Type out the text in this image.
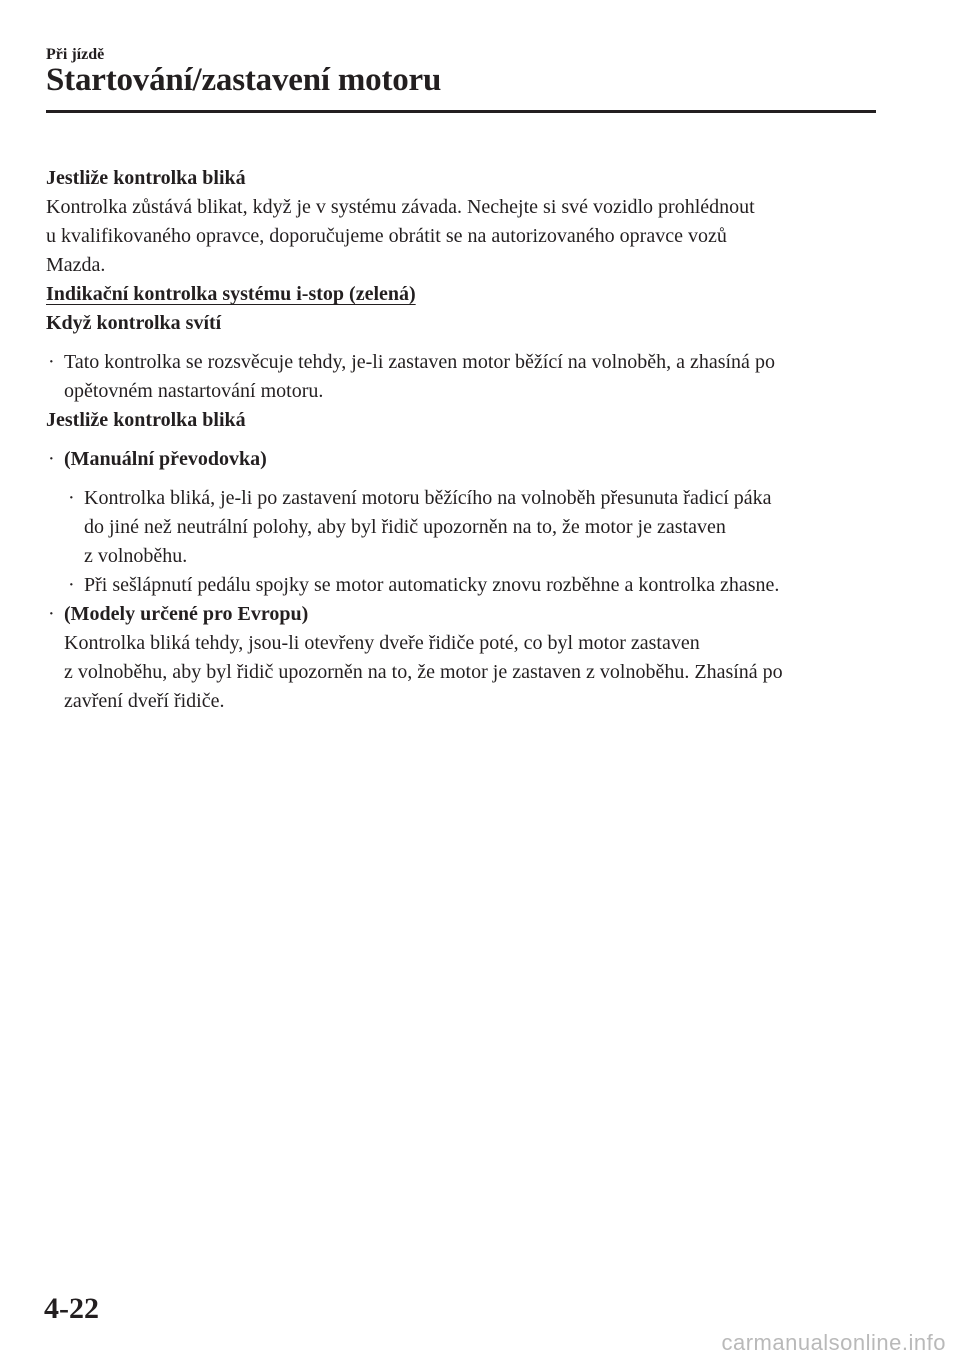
Při jízdě
Startování/zastavení motoru

Jestliže kontrolka bliká

Kontrolka zůstává blikat, když je v systému závada. Nechejte si své vozidlo prohlédnout
u kvalifikovaného opravce, doporučujeme obrátit se na autorizovaného opravce vozů
Mazda.

Indikační kontrolka systému i-stop (zelená)

Když kontrolka svítí

· Tato kontrolka se rozsvěcuje tehdy, je-li zastaven motor běžící na volnoběh, a zhasíná po
opětovném nastartování motoru.

Jestliže kontrolka bliká

· (Manuální převodovka)
· Kontrolka bliká, je-li po zastavení motoru běžícího na volnoběh přesunuta řadicí páka
do jiné než neutrální polohy, aby byl řidič upozorněn na to, že motor je zastaven
z volnoběhu.
· Při sešlápnutí pedálu spojky se motor automaticky znovu rozběhne a kontrolka zhasne.
· (Modely určené pro Evropu)
Kontrolka bliká tehdy, jsou-li otevřeny dveře řidiče poté, co byl motor zastaven
z volnoběhu, aby byl řidič upozorněn na to, že motor je zastaven z volnoběhu. Zhasíná po
zavření dveří řidiče.
4-22
carmanualsonline.info
